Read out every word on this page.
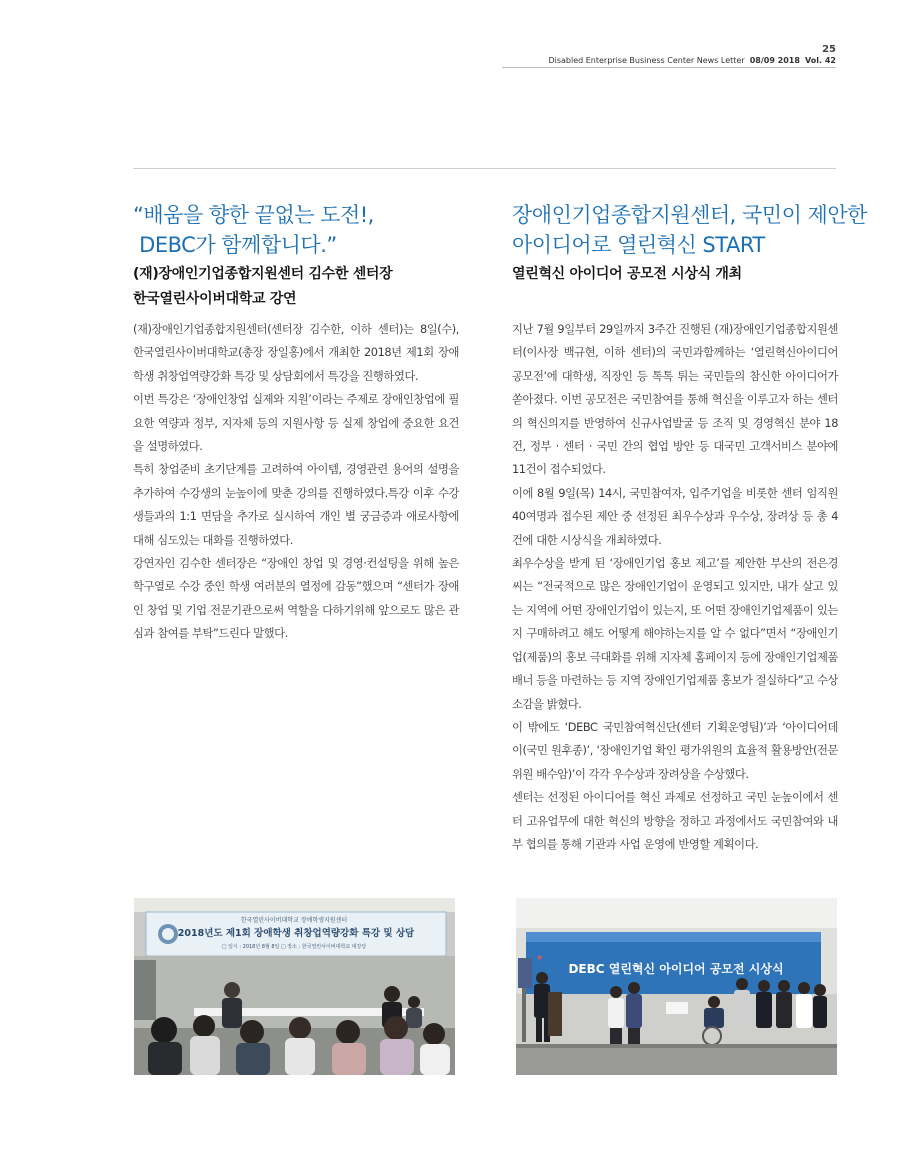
25
Disabled Enterprise Business Center News Letter 08/09 2018 Vol. 42
“배움을 향한 끝없는 도전!,
DEBC가 함께합니다.”
(재)장애인기업종합지원센터 김수한 센터장
한국열린사이버대학교 강연
장애인기업종합지원센터, 국민이 제안한
아이디어로 열린혁신 START
열린혁신 아이디어 공모전 시상식 개최

(재)장애인기업종합지원센터(센터장 김수한, 이하 센터)는 8일(수), 한국열린사이버대학교(총장 장일홍)에서 개최한 2018년 제1회 장애학생 취창업역량강화 특강 및 상담회에서 특강을 진행하였다.

이번 특강은 ‘장애인창업 실제와 지원’이라는 주제로 장애인창업에 필요한 역량과 정부, 지자체 등의 지원사항 등 실제 창업에 중요한 요건을 설명하였다.

특히 창업준비 초기단계를 고려하여 아이템, 경영관련 용어의 설명을 추가하여 수강생의 눈높이에 맞춘 강의를 진행하였다.특강 이후 수강생들과의 1:1 면담을 추가로 실시하여 개인 별 궁금증과 애로사항에 대해 심도있는 대화를 진행하였다.

강연자인 김수한 센터장은 “장애인 창업 및 경영·컨설팅을 위해 높은 학구열로 수강 중인 학생 여러분의 열정에 감동”했으며 “센터가 장애인 창업 및 기업 전문기관으로써 역할을 다하기위해 앞으로도 많은 관심과 참여를 부탁”드린다 말했다.

지난 7월 9일부터 29일까지 3주간 진행된 (재)장애인기업종합지원센터(이사장 백규현, 이하 센터)의 국민과함께하는 ‘열린혁신아이디어 공모전’에 대학생, 직장인 등 톡톡 튀는 국민들의 참신한 아이디어가 쏟아졌다. 이번 공모전은 국민참여를 통해 혁신을 이루고자 하는 센터의 혁신의지를 반영하여 신규사업발굴 등 조직 및 경영혁신 분야 18건, 정부 · 센터 · 국민 간의 협업 방안 등 대국민 고객서비스 분야에 11건이 접수되었다.

이에 8월 9일(목) 14시, 국민참여자, 입주기업을 비롯한 센터 임직원 40여명과 접수된 제안 중 선정된 최우수상과 우수상, 장려상 등 총 4건에 대한 시상식을 개최하였다.

최우수상을 받게 된 ‘장애인기업 홍보 제고’를 제안한 부산의 전은경씨는 “전국적으로 많은 장애인기업이 운영되고 있지만, 내가 살고 있는 지역에 어떤 장애인기업이 있는지, 또 어떤 장애인기업제품이 있는지 구매하려고 해도 어떻게 해야하는지를 알 수 없다”면서 “장애인기업(제품)의 홍보 극대화를 위해 지자체 홈페이지 등에 장애인기업제품 배너 등을 마련하는 등 지역 장애인기업제품 홍보가 절실하다”고 수상 소감을 밝혔다.

이 밖에도 ‘DEBC 국민참여혁신단(센터 기획운영팀)’과 ‘아이디어데이(국민 원후종)’, ‘장애인기업 확인 평가위원의 효율적 활용방안(전문위원 배수암)’이 각각 우수상과 장려상을 수상했다.

센터는 선정된 아이디어를 혁신 과제로 선정하고 국민 눈높이에서 센터 고유업무에 대한 혁신의 방향을 정하고 과정에서도 국민참여와 내부 협의를 통해 기관과 사업 운영에 반영할 계획이다.

한국열린사이버대학교 장애학생지원센터
2018년도 제1회 장애학생 취창업역량강화 특강 및 상담
□ 일시 : 2018년 8월 8일 □ 장소 : 한국열린사이버대학교 대강당
★
DEBC 열린혁신 아이디어 공모전 시상식
